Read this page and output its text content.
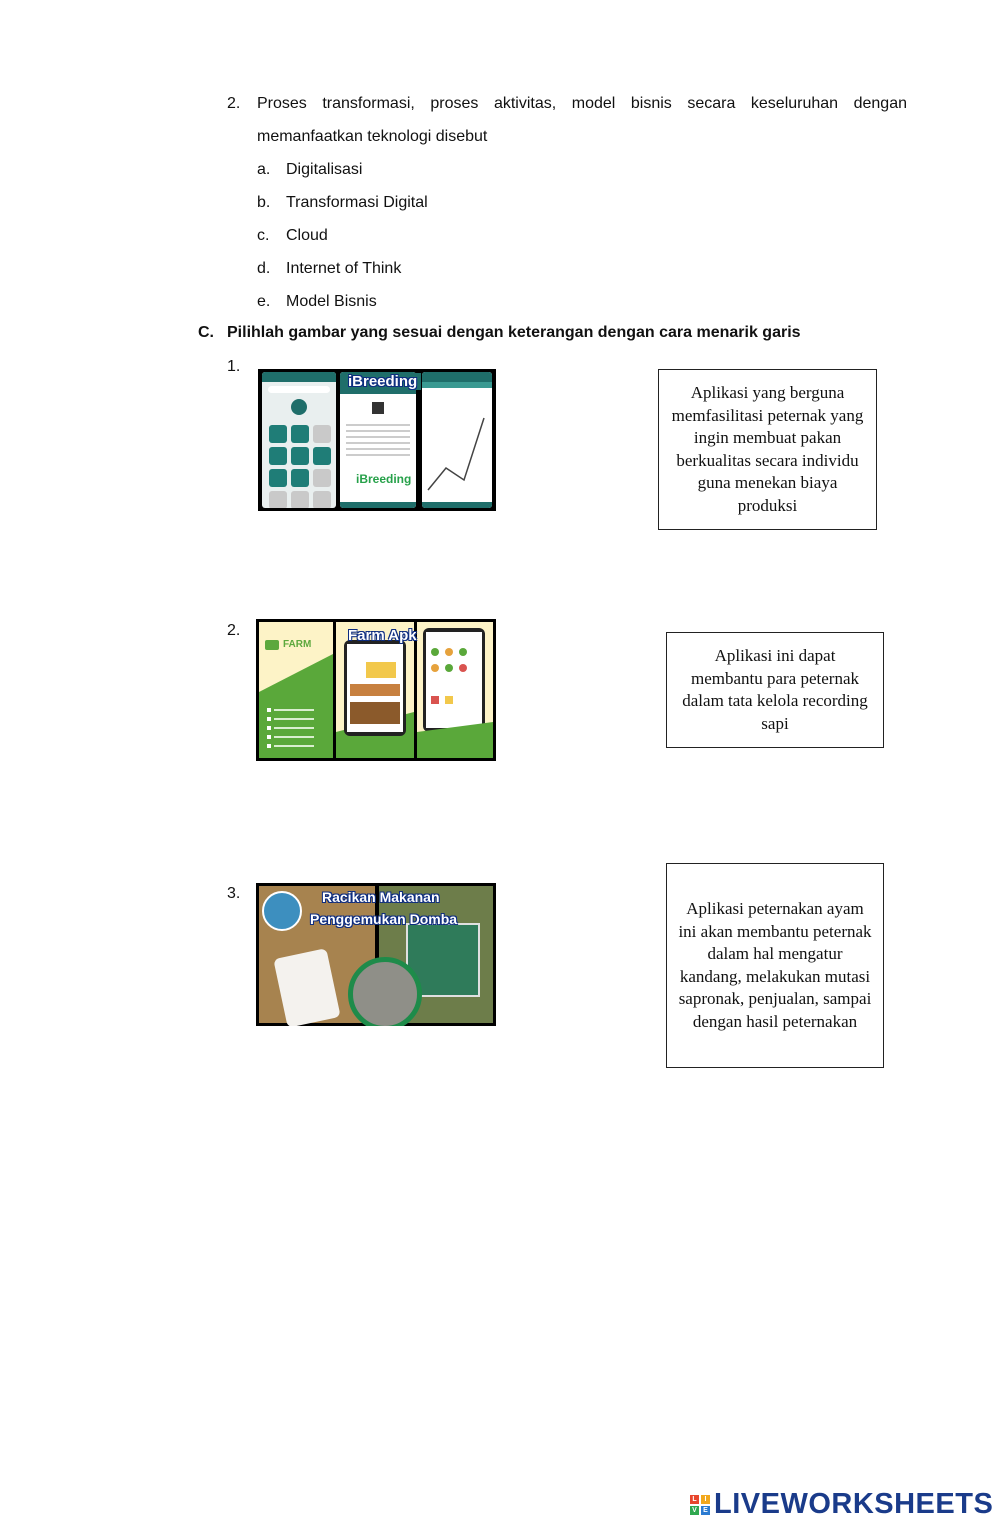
2. Proses transformasi, proses aktivitas, model bisnis secara keseluruhan dengan
memanfaatkan teknologi disebut
a. Digitalisasi
b. Transformasi Digital
c. Cloud
d. Internet of Think
e. Model Bisnis
C. Pilihlah gambar yang sesuai dengan keterangan dengan cara menarik garis
1.
iBreeding
iBreeding
Aplikasi yang berguna memfasilitasi peternak yang ingin membuat pakan berkualitas secara individu guna menekan biaya produksi
2.
FARM
Farm Apk
Aplikasi ini dapat membantu para peternak dalam tata kelola recording sapi
3.	Racikan Makanan
Penggemukan Domba
Aplikasi peternakan ayam ini akan membantu peternak dalam hal mengatur kandang, melakukan mutasi sapronak, penjualan, sampai dengan hasil peternakan
L	I
V E LIVEWORKSHEETS
